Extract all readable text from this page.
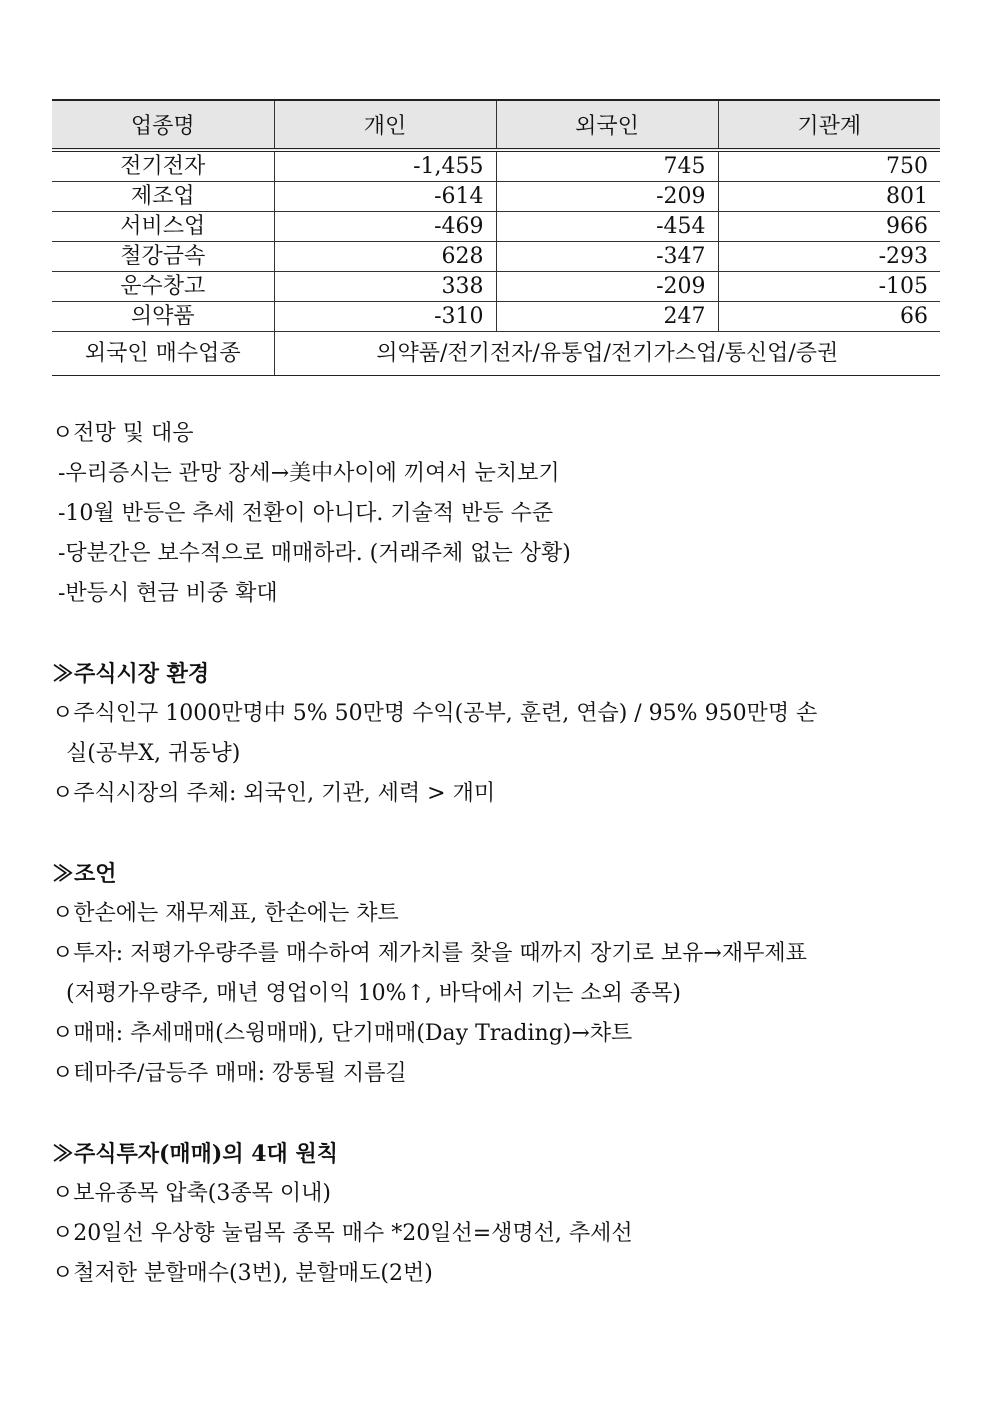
업종명	개인	외국인	기관계
전기전자	-1,455	745	750
제조업	-614	-209	801
서비스업	-469	-454	966
철강금속	628	-347	-293
운수창고	338	-209	-105
의약품	-310	247	66
외국인 매수업종	의약품/전기전자/유통업/전기가스업/통신업/증권		
ㅇ전망 및 대응
-우리증시는 관망 장세→美中사이에 끼여서 눈치보기
-10월 반등은 추세 전환이 아니다. 기술적 반등 수준
-당분간은 보수적으로 매매하라. (거래주체 없는 상황)
-반등시 현금 비중 확대
≫주식시장 환경
ㅇ주식인구 1000만명中 5% 50만명 수익(공부, 훈련, 연습) / 95% 950만명 손
실(공부X, 귀동냥)
ㅇ주식시장의 주체: 외국인, 기관, 세력 > 개미
≫조언
ㅇ한손에는 재무제표, 한손에는 챠트
ㅇ투자: 저평가우량주를 매수하여 제가치를 찾을 때까지 장기로 보유→재무제표
(저평가우량주, 매년 영업이익 10%↑, 바닥에서 기는 소외 종목)
ㅇ매매: 추세매매(스윙매매), 단기매매(Day Trading)→챠트
ㅇ테마주/급등주 매매: 깡통될 지름길
≫주식투자(매매)의 4대 원칙
ㅇ보유종목 압축(3종목 이내)
ㅇ20일선 우상향 눌림목 종목 매수 *20일선=생명선, 추세선
ㅇ철저한 분할매수(3번), 분할매도(2번)
